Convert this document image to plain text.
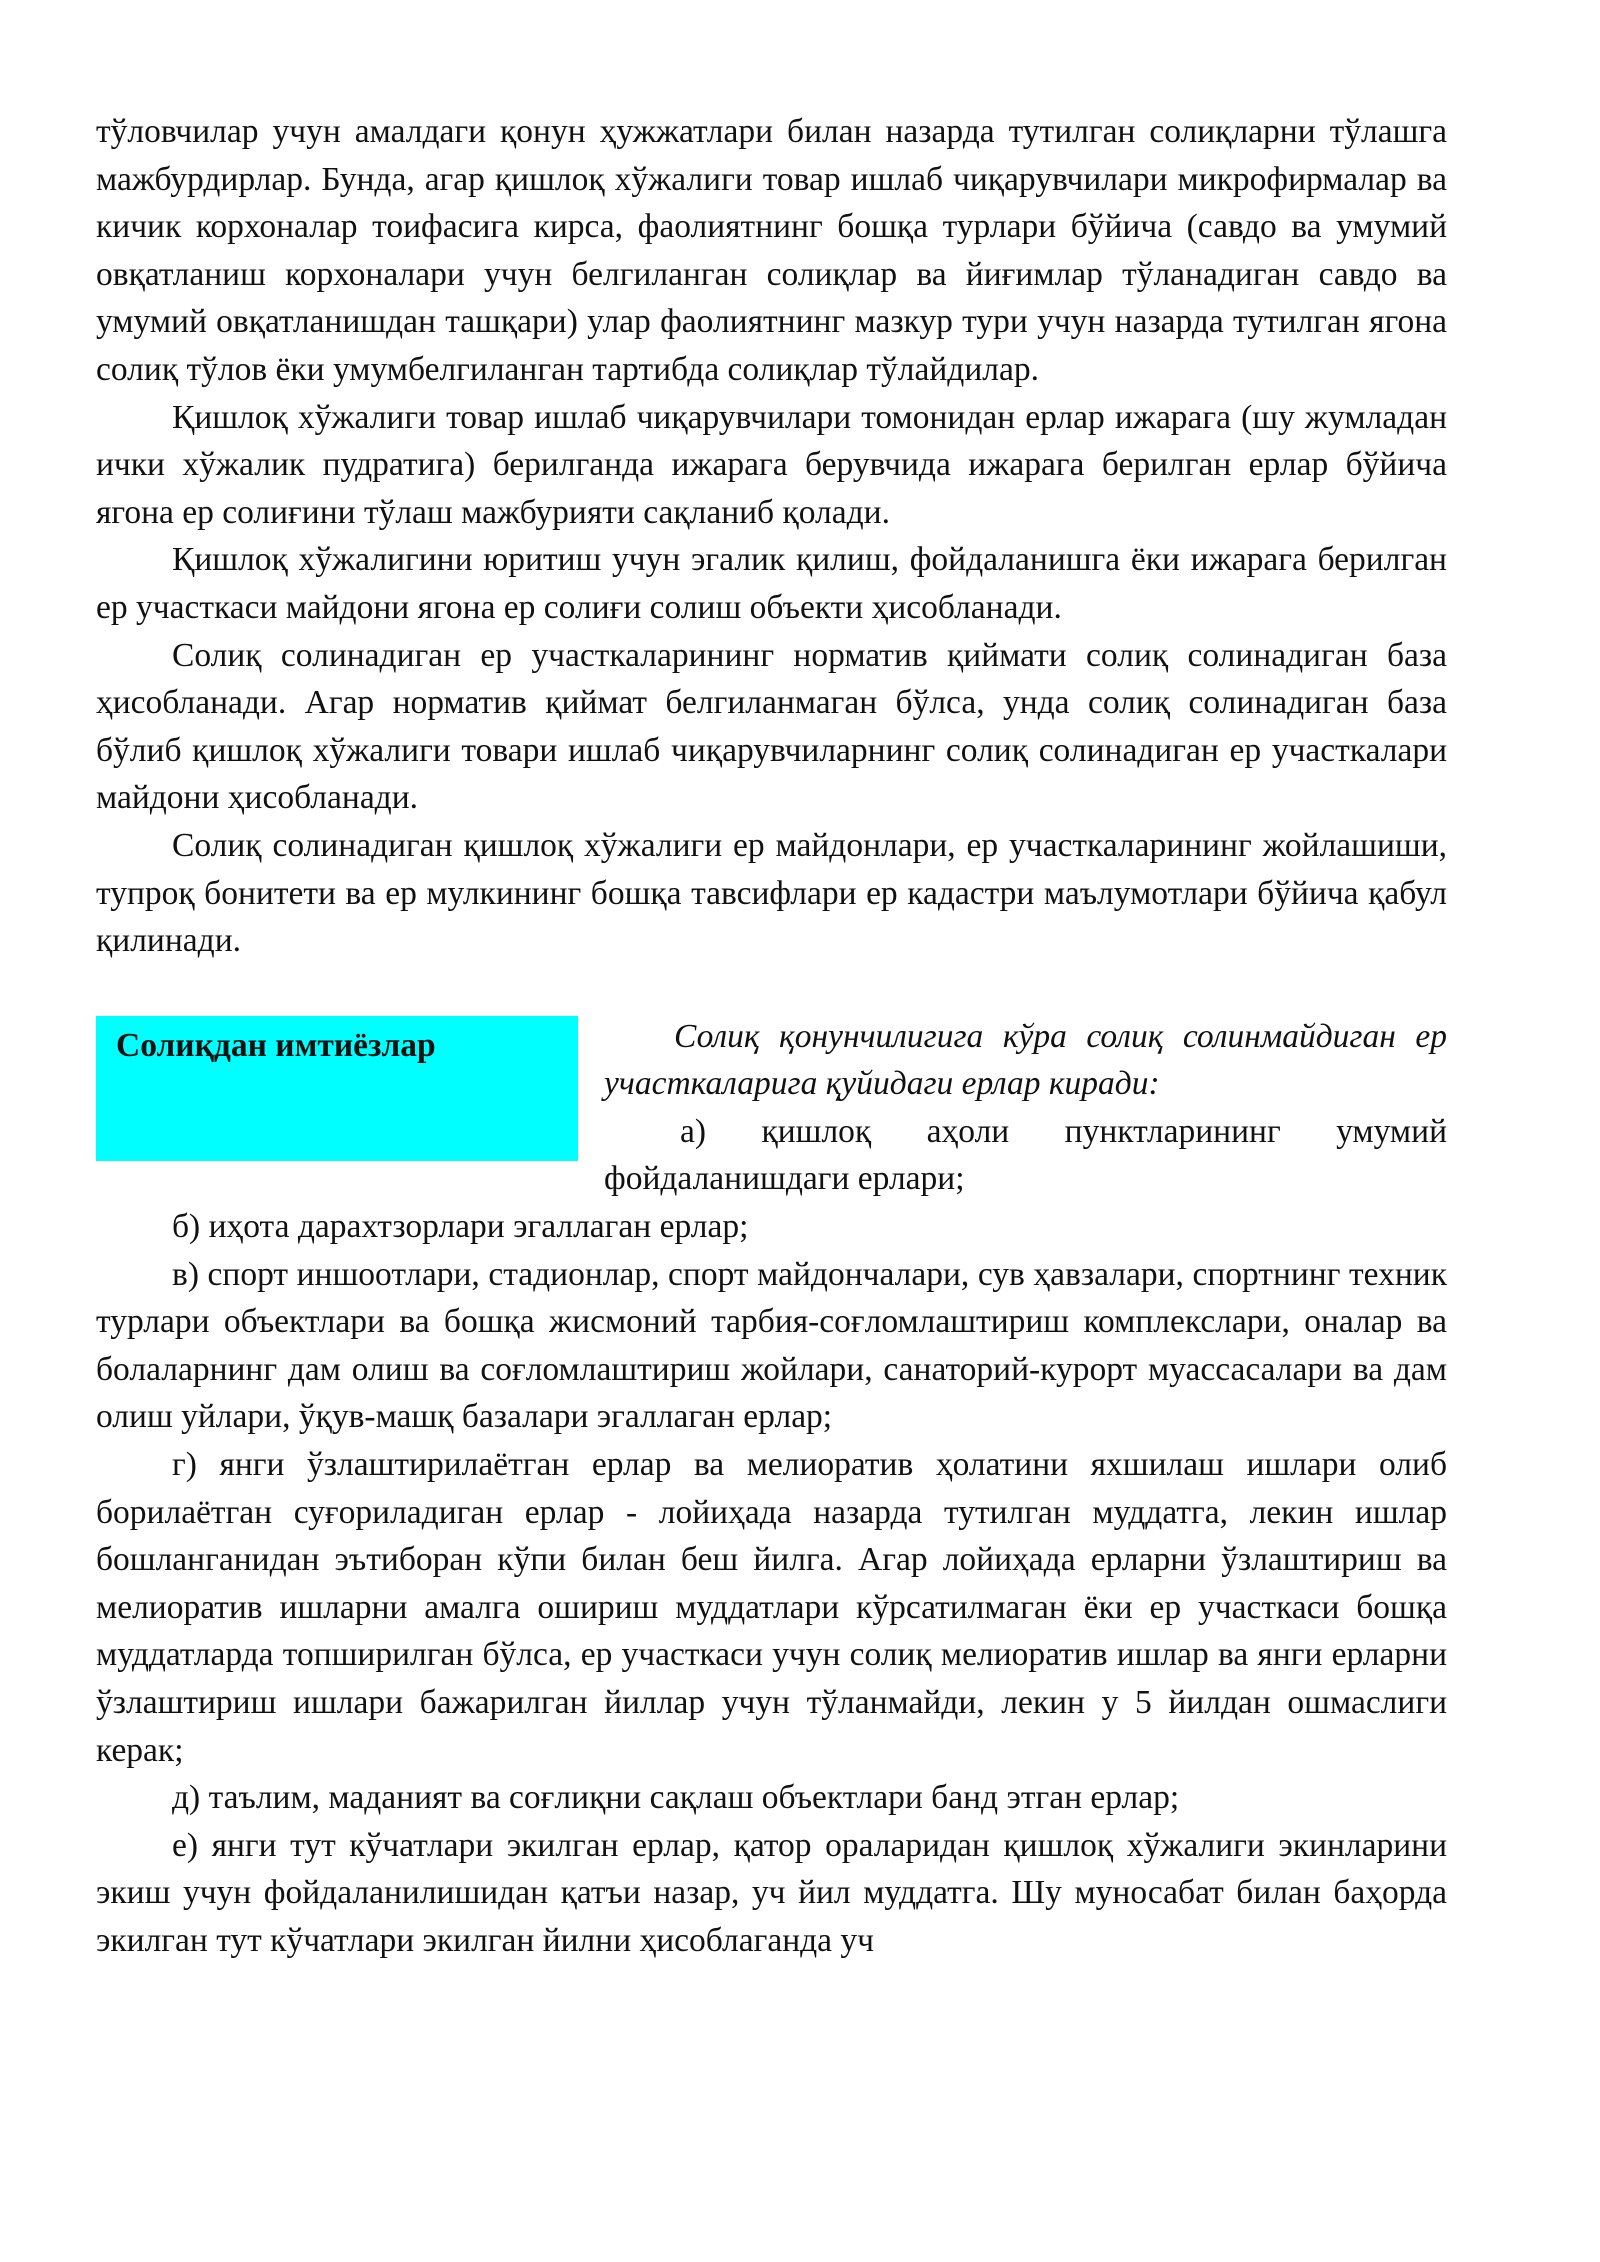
тўловчилар учун амалдаги қонун ҳужжатлари билан назарда тутилган солиқларни тўлашга мажбурдирлар. Бунда, агар қишлоқ хўжалиги товар ишлаб чиқарувчилари микрофирмалар ва кичик корхоналар тоифасига кирса, фаолиятнинг бошқа турлари бўйича (савдо ва умумий овқатланиш корхоналари учун белгиланган солиқлар ва йиғимлар тўланадиган савдо ва умумий овқатланишдан ташқари) улар фаолиятнинг мазкур тури учун назарда тутилган ягона солиқ тўлов ёки умумбелгиланган тартибда солиқлар тўлайдилар.

Қишлоқ хўжалиги товар ишлаб чиқарувчилари томонидан ерлар ижарага (шу жумладан ички хўжалик пудратига) берилганда ижарага берувчида ижарага берилган ерлар бўйича ягона ер солиғини тўлаш мажбурияти сақланиб қолади.

Қишлоқ хўжалигини юритиш учун эгалик қилиш, фойдаланишга ёки ижарага берилган ер участкаси майдони ягона ер солиғи солиш объекти ҳисобланади.

Солиқ солинадиган ер участкаларининг норматив қиймати солиқ солинадиган база ҳисобланади. Агар норматив қиймат белгиланмаган бўлса, унда солиқ солинадиган база бўлиб қишлоқ хўжалиги товари ишлаб чиқарувчиларнинг солиқ солинадиган ер участкалари майдони ҳисобланади.

Солиқ солинадиган қишлоқ хўжалиги ер майдонлари, ер участкаларининг жойлашиши, тупроқ бонитети ва ер мулкининг бошқа тавсифлари ер кадастри маълумотлари бўйича қабул қилинади.

Солиқдан имтиёзлар	Солиқ қонунчилигига кўра солиқ солинмайдиган ер участкаларига қуйидаги ерлар киради:

а) қишлоқ аҳоли пунктларининг умумий фойдаланишдаги ерлари;

б) иҳота дарахтзорлари эгаллаган ерлар;

в) спорт иншоотлари, стадионлар, спорт майдончалари, сув ҳавзалари, спортнинг техник турлари объектлари ва бошқа жисмоний тарбия-соғломлаштириш комплекслари, оналар ва болаларнинг дам олиш ва соғломлаштириш жойлари, санаторий-курорт муассасалари ва дам олиш уйлари, ўқув-машқ базалари эгаллаган ерлар;

г) янги ўзлаштирилаётган ерлар ва мелиоратив ҳолатини яхшилаш ишлари олиб борилаётган суғориладиган ерлар - лойиҳада назарда тутилган муддатга, лекин ишлар бошланганидан эътиборан кўпи билан беш йилга. Агар лойиҳада ерларни ўзлаштириш ва мелиоратив ишларни амалга ошириш муддатлари кўрсатилмаган ёки ер участкаси бошқа муддатларда топширилган бўлса, ер участкаси учун солиқ мелиоратив ишлар ва янги ерларни ўзлаштириш ишлари бажарилган йиллар учун тўланмайди, лекин у 5 йилдан ошмаслиги керак;

д) таълим, маданият ва соғлиқни сақлаш объектлари банд этган ерлар;

е) янги тут кўчатлари экилган ерлар, қатор ораларидан қишлоқ хўжалиги экинларини экиш учун фойдаланилишидан қатъи назар, уч йил муддатга. Шу муносабат билан баҳорда экилган тут кўчатлари экилган йилни ҳисоблаганда уч
